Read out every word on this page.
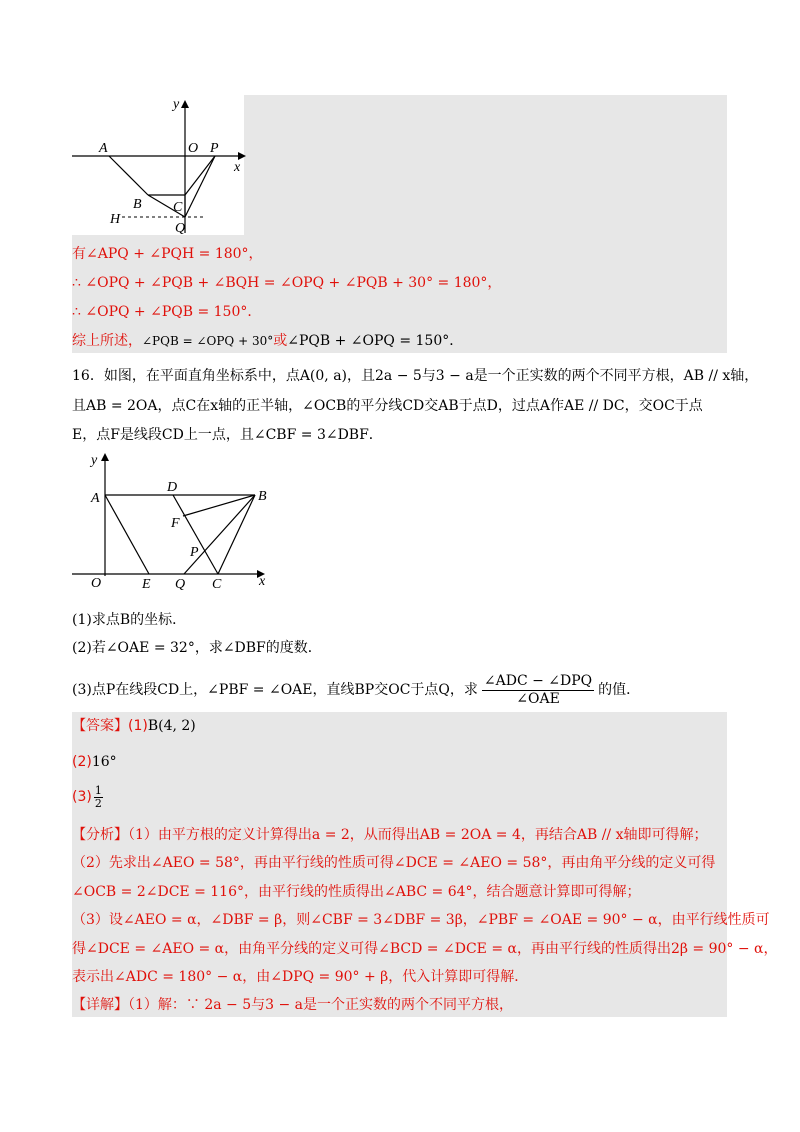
y
A	O P
x
B C
H
Q
有∠APQ + ∠PQH = 180°，
∴ ∠OPQ + ∠PQB + ∠BQH = ∠OPQ + ∠PQB + 30° = 180°，
∴ ∠OPQ + ∠PQB = 150°．
综上所述，∠PQB = ∠OPQ + 30°或∠PQB + ∠OPQ = 150°．
16．如图，在平面直角坐标系中，点A(0, a)，且2a − 5与3 − a是一个正实数的两个不同平方根，AB // x轴，
且AB = 2OA，点C在x轴的正半轴，∠OCB的平分线CD交AB于点D，过点A作AE // DC，交OC于点
E，点F是线段CD上一点，且∠CBF = 3∠DBF．
y
A
D
B
F
P
O	E Q C	x
(1)求点B的坐标．
(2)若∠OAE = 32°，求∠DBF的度数．
(3)点P在线段CD上，∠PBF = ∠OAE，直线BP交OC于点Q，求
∠ADC − ∠DPQ
∠OAE
的值．
【答案】(1)B(4, 2)
(2)16°
$(3) \frac{1}{2}$
【分析】（1）由平方根的定义计算得出a = 2，从而得出AB = 2OA = 4，再结合AB // x轴即可得解；
（2）先求出∠AEO = 58°，再由平行线的性质可得∠DCE = ∠AEO = 58°，再由角平分线的定义可得
∠OCB = 2∠DCE = 116°，由平行线的性质得出∠ABC = 64°，结合题意计算即可得解；
（3）设∠AEO = α，∠DBF = β，则∠CBF = 3∠DBF = 3β，∠PBF = ∠OAE = 90° − α，由平行线性质可
得∠DCE = ∠AEO = α，由角平分线的定义可得∠BCD = ∠DCE = α，再由平行线的性质得出2β = 90° − α，
表示出∠ADC = 180° − α，由∠DPQ = 90° + β，代入计算即可得解．
【详解】（1）解：∵ 2a − 5与3 − a是一个正实数的两个不同平方根，
